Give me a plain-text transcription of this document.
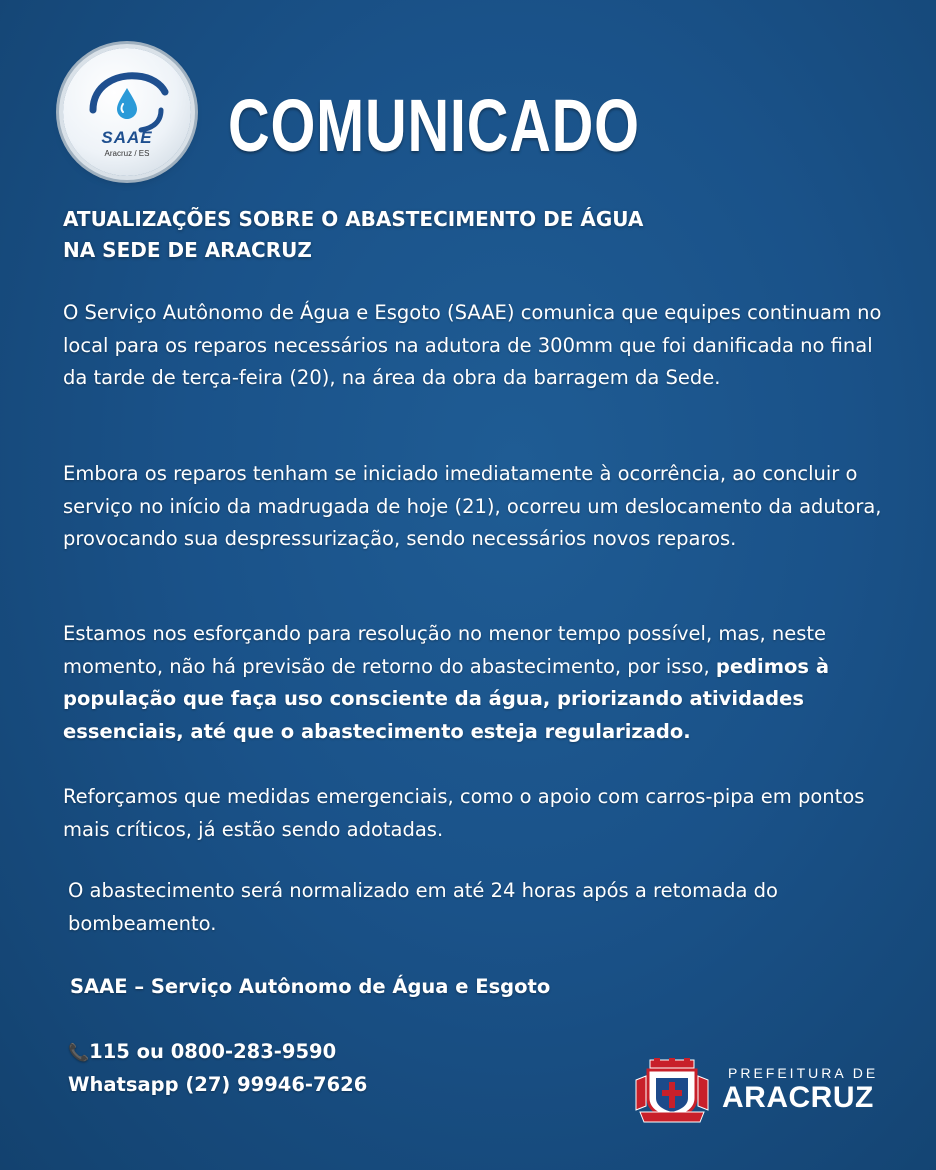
SAAE
Aracruz / ES	COMUNICADO
ATUALIZAÇÕES SOBRE O ABASTECIMENTO DE ÁGUA
NA SEDE DE ARACRUZ

O Serviço Autônomo de Água e Esgoto (SAAE) comunica que equipes continuam no local para os reparos necessários na adutora de 300mm que foi danificada no final da tarde de terça-feira (20), na área da obra da barragem da Sede.

Embora os reparos tenham se iniciado imediatamente à ocorrência, ao concluir o serviço no início da madrugada de hoje (21), ocorreu um deslocamento da adutora, provocando sua despressurização, sendo necessários novos reparos.

Estamos nos esforçando para resolução no menor tempo possível, mas, neste momento, não há previsão de retorno do abastecimento, por isso, pedimos à população que faça uso consciente da água, priorizando atividades essenciais, até que o abastecimento esteja regularizado.

Reforçamos que medidas emergenciais, como o apoio com carros-pipa em pontos mais críticos, já estão sendo adotadas.

O abastecimento será normalizado em até 24 horas após a retomada do bombeamento.

SAAE – Serviço Autônomo de Água e Esgoto
📞115 ou 0800-283-9590
Whatsapp (27) 99946-7626	PREFEITURA DE
ARACRUZ
